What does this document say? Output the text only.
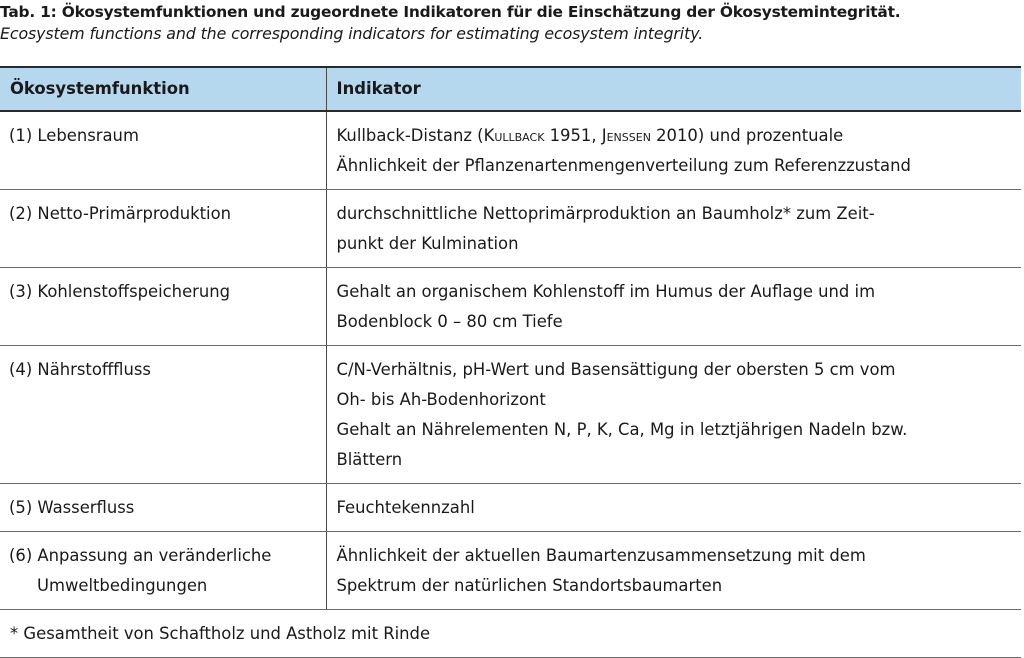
Tab. 1: Ökosystemfunktionen und zugeordnete Indikatoren für die Einschätzung der Ökosystemintegrität.
Ecosystem functions and the corresponding indicators for estimating ecosystem integrity.
Ökosystemfunktion	Indikator
(1) Lebensraum	Kullback-Distanz (Kullback 1951, Jenssen 2010) und prozentuale
Ähnlichkeit der Pflanzenartenmengenverteilung zum Referenzzustand

(2) Netto-Primärproduktion	durchschnittliche Nettoprimärproduktion an Baumholz* zum Zeit-
punkt der Kulmination

(3) Kohlenstoffspeicherung	Gehalt an organischem Kohlenstoff im Humus der Auflage und im
Bodenblock 0 – 80 cm Tiefe

(4) Nährstofffluss	C/N-Verhältnis, pH-Wert und Basensättigung der obersten 5 cm vom
Oh- bis Ah-Bodenhorizont
Gehalt an Nährelementen N, P, K, Ca, Mg in letztjährigen Nadeln bzw.
Blättern

(5) Wasserfluss	Feuchtekennzahl

(6) Anpassung an veränderliche
Umweltbedingungen	Ähnlichkeit der aktuellen Baumartenzusammensetzung mit dem
Spektrum der natürlichen Standortsbaumarten

* Gesamtheit von Schaftholz und Astholz mit Rinde	
